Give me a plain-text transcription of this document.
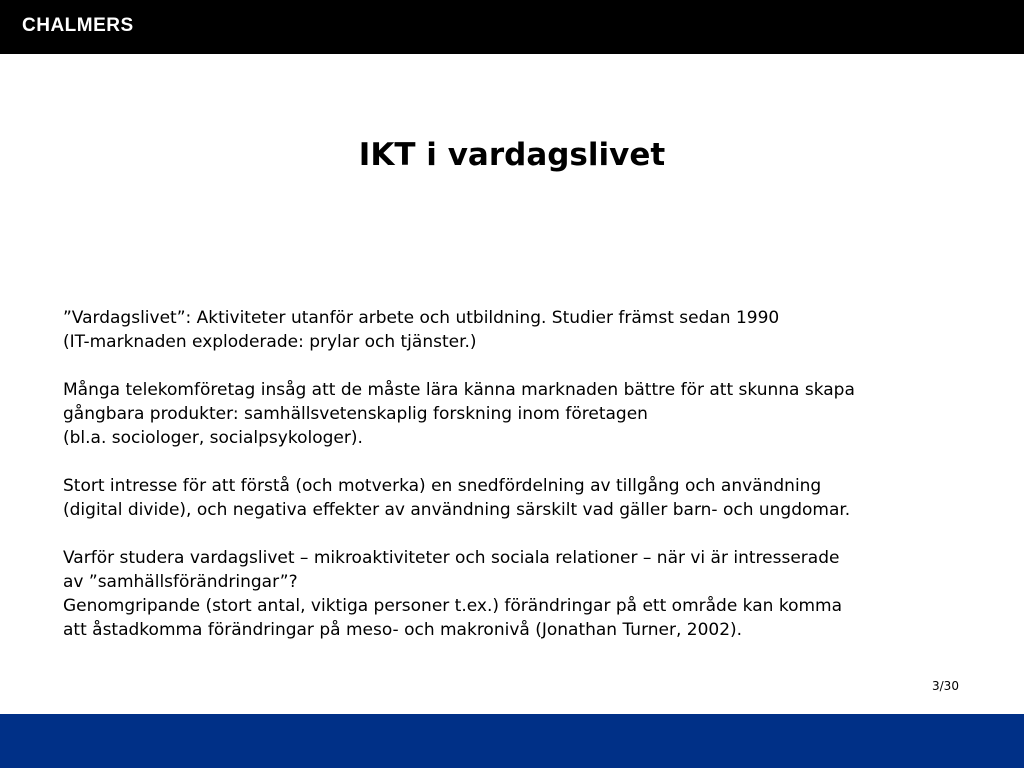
CHALMERS
IKT i vardagslivet

”Vardagslivet”: Aktiviteter utanför arbete och utbildning. Studier främst sedan 1990

(IT-marknaden exploderade: prylar och tjänster.)

Många telekomföretag insåg att de måste lära känna marknaden bättre för att skunna skapa

gångbara produkter: samhällsvetenskaplig forskning inom företagen

(bl.a. sociologer, socialpsykologer).

Stort intresse för att förstå (och motverka) en snedfördelning av tillgång och användning

(digital divide), och negativa effekter av användning särskilt vad gäller barn- och ungdomar.

Varför studera vardagslivet – mikroaktiviteter och sociala relationer – när vi är intresserade

av ”samhällsförändringar”?

Genomgripande (stort antal, viktiga personer t.ex.) förändringar på ett område kan komma

att åstadkomma förändringar på meso- och makronivå (Jonathan Turner, 2002).

3/30
